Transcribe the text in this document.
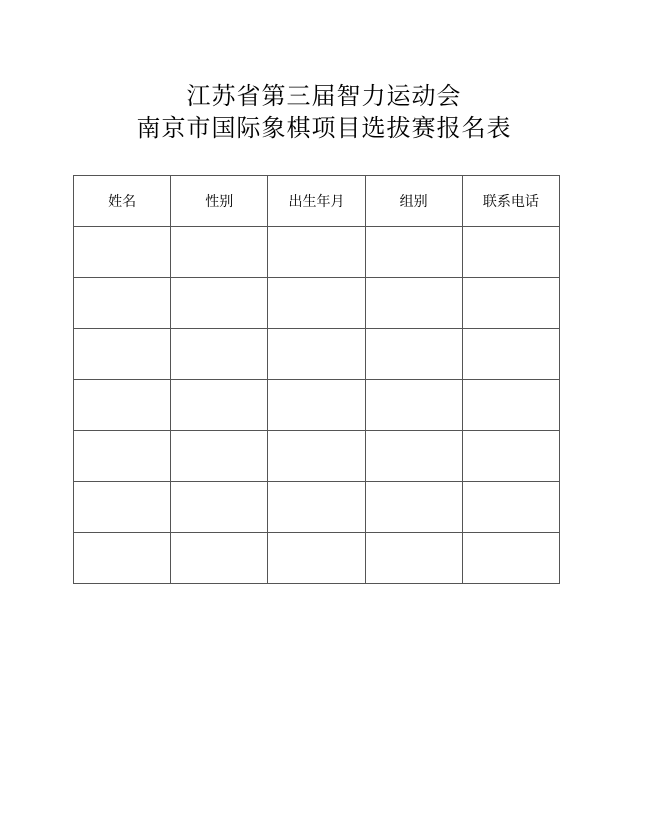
江苏省第三届智力运动会

南京市国际象棋项目选拔赛报名表

姓名	性别	出生年月	组别	联系电话
